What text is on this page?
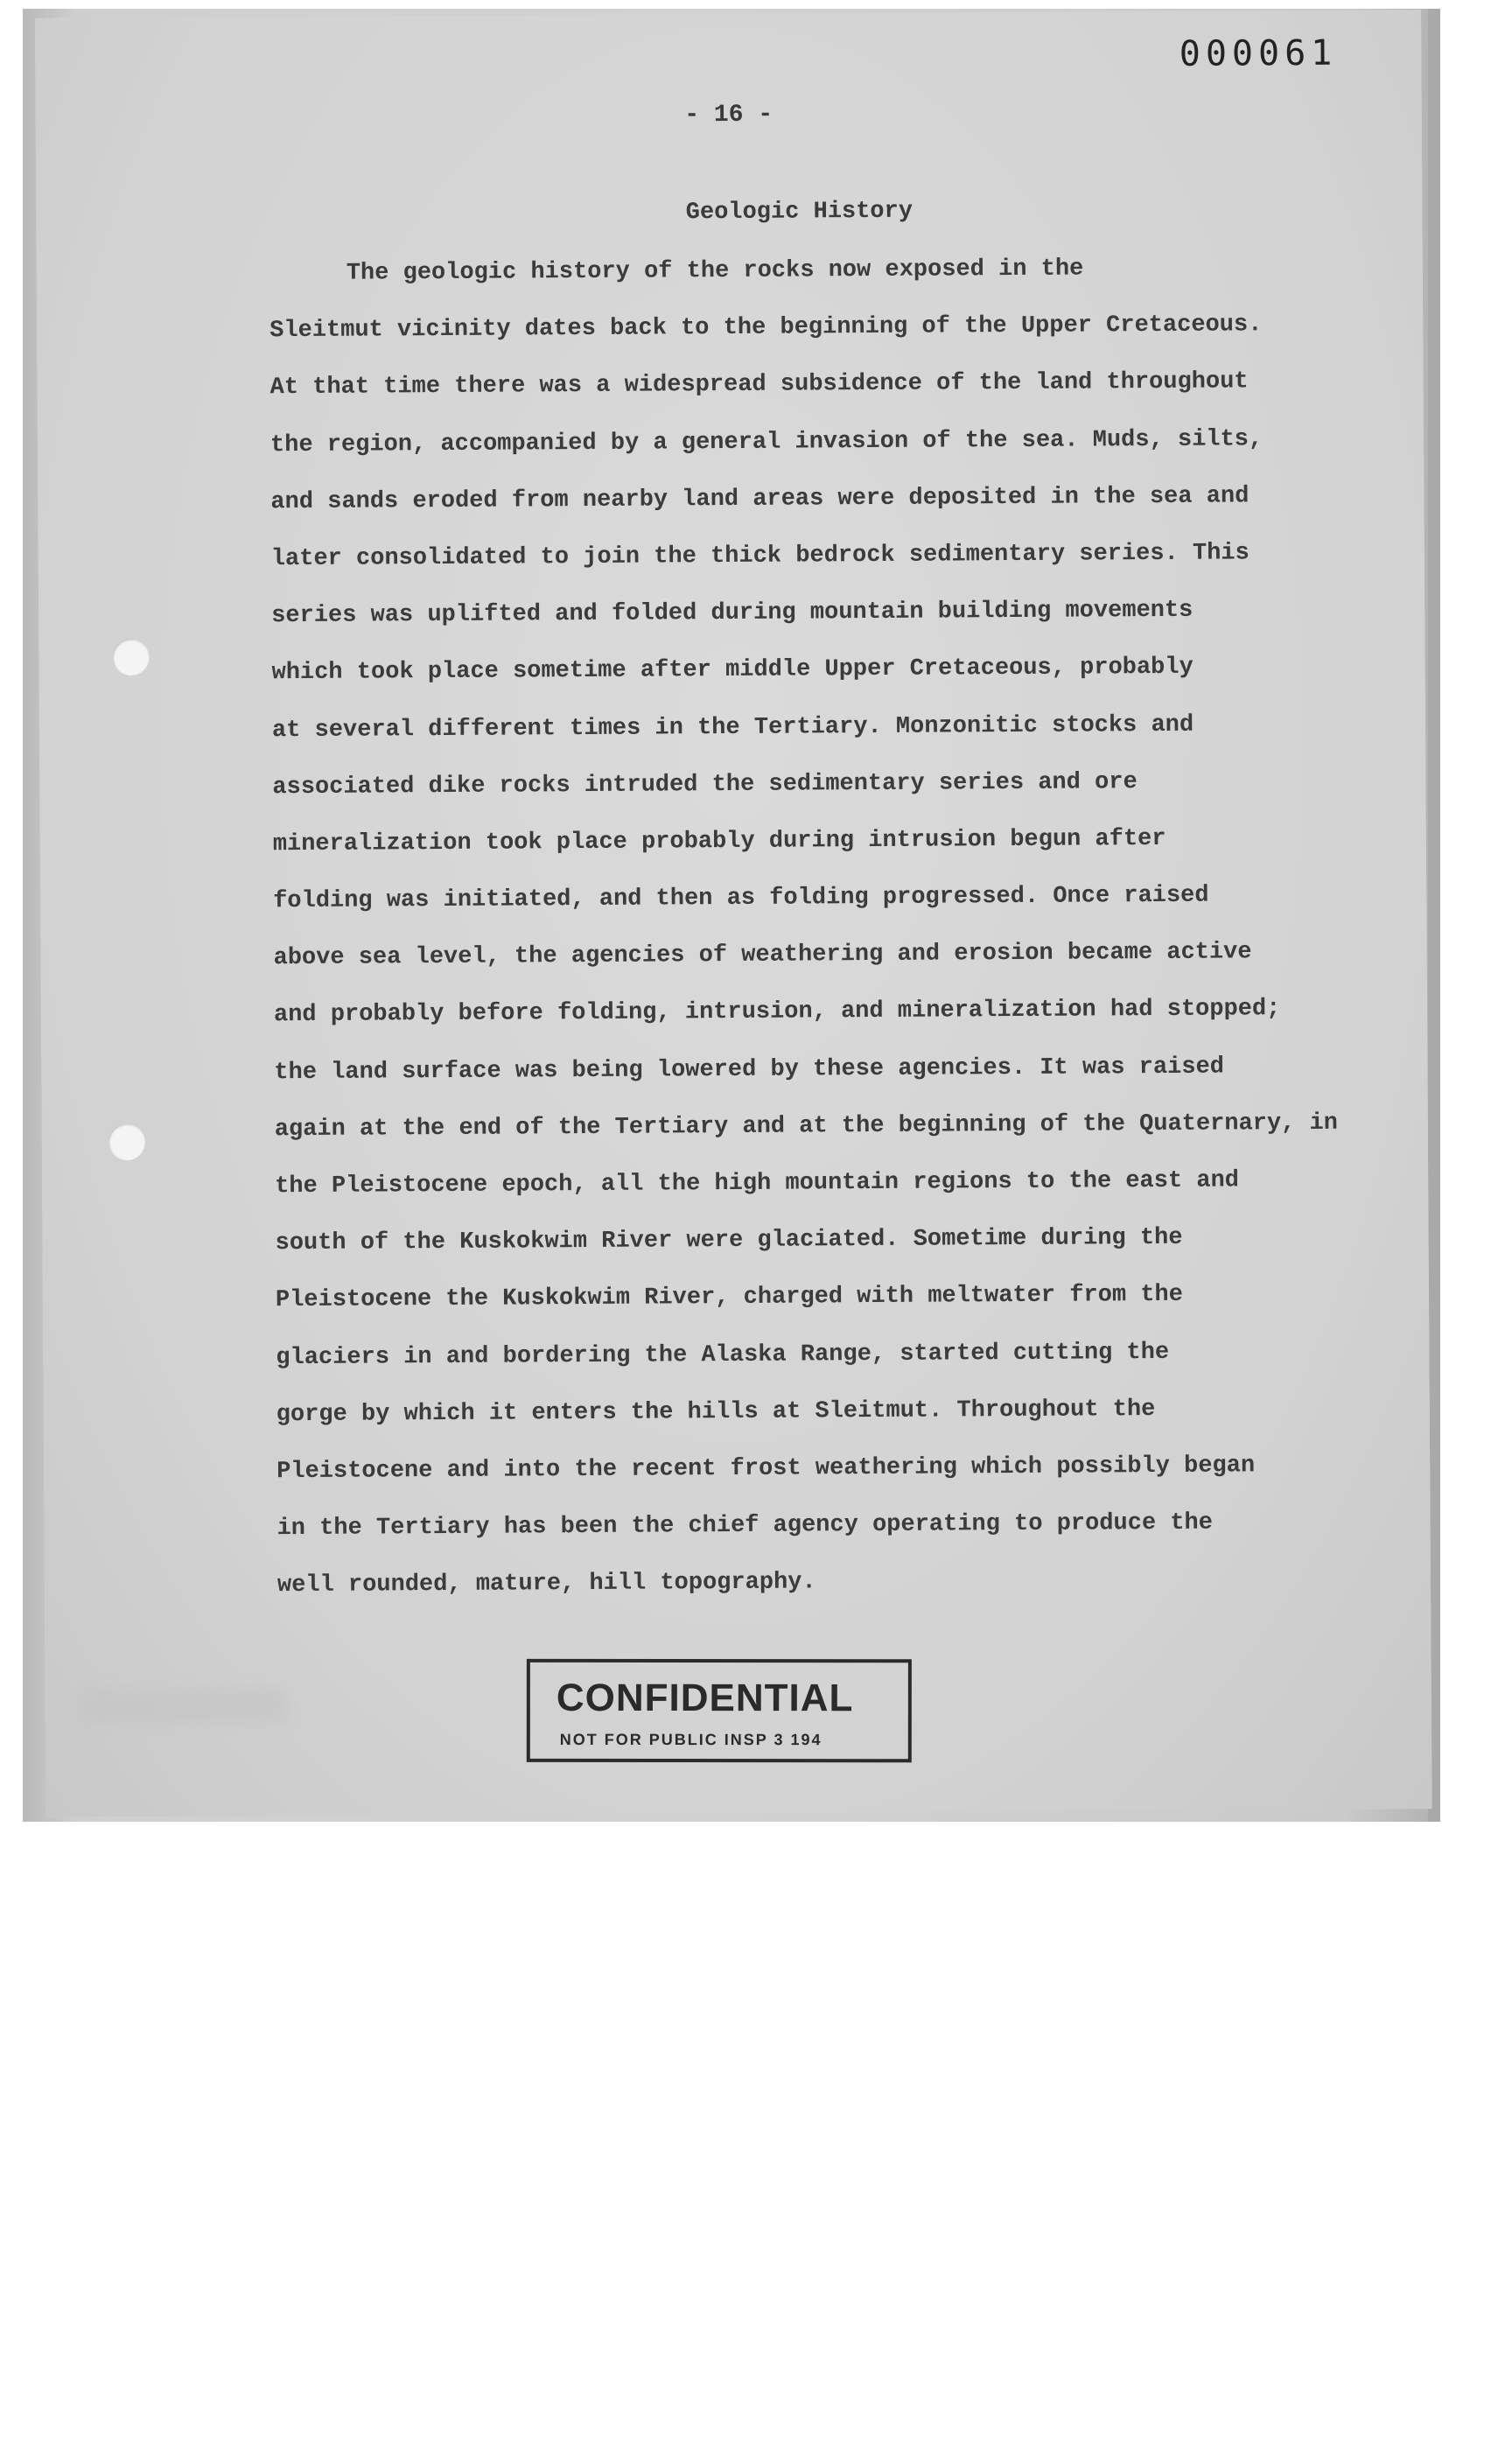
000061
- 16 -
Geologic History
The geologic history of the rocks now exposed in the
Sleitmut vicinity dates back to the beginning of the Upper Cretaceous.
At that time there was a widespread subsidence of the land throughout
the region, accompanied by a general invasion of the sea. Muds, silts,
and sands eroded from nearby land areas were deposited in the sea and
later consolidated to join the thick bedrock sedimentary series. This
series was uplifted and folded during mountain building movements
which took place sometime after middle Upper Cretaceous, probably
at several different times in the Tertiary. Monzonitic stocks and
associated dike rocks intruded the sedimentary series and ore
mineralization took place probably during intrusion begun after
folding was initiated, and then as folding progressed. Once raised
above sea level, the agencies of weathering and erosion became active
and probably before folding, intrusion, and mineralization had stopped;
the land surface was being lowered by these agencies. It was raised
again at the end of the Tertiary and at the beginning of the Quaternary, in
the Pleistocene epoch, all the high mountain regions to the east and
south of the Kuskokwim River were glaciated. Sometime during the
Pleistocene the Kuskokwim River, charged with meltwater from the
glaciers in and bordering the Alaska Range, started cutting the
gorge by which it enters the hills at Sleitmut. Throughout the
Pleistocene and into the recent frost weathering which possibly began
in the Tertiary has been the chief agency operating to produce the
well rounded, mature, hill topography.
CONFIDENTIAL
NOT FOR PUBLIC INSP 3 194
